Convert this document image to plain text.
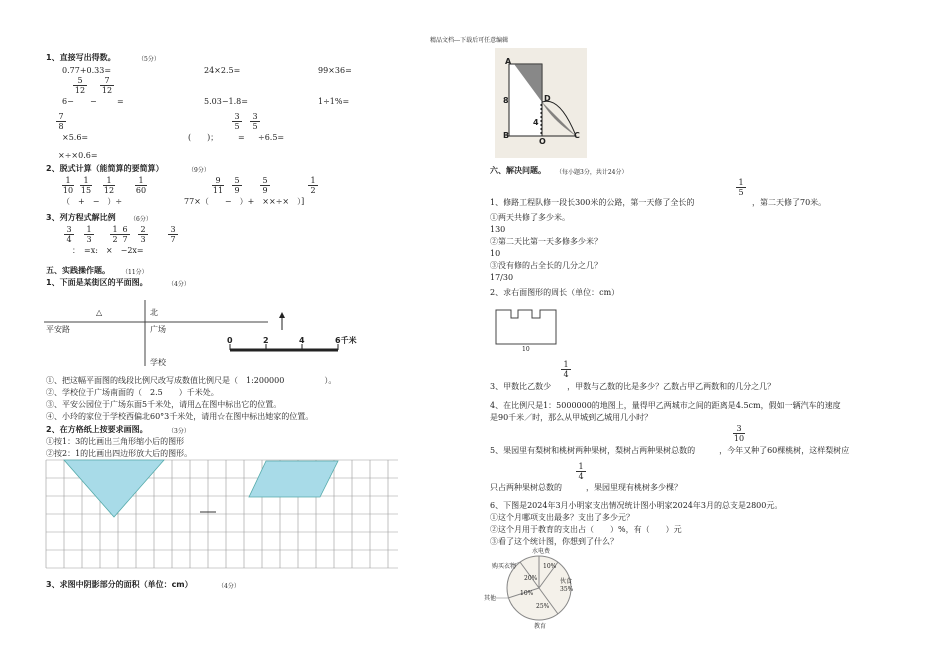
精品文档---下载后可任意编辑
1、直接写出得数。	（5分）
0.77+0.33=	24×2.5=	99×36=
$\frac{5}{12} \frac{7}{12}$
6− −	=	5.03−1.8=	1÷1%=
$\frac{7}{8}$
×5.6=	(　　)；
$\frac{3}{5}$
=
$\frac{3}{5}$
÷6.5=
×÷×0.6=
2、脱式计算（能简算的要简算）	（9分）
$\frac{1}{10} \frac{1}{15} \frac{1}{12}$	$\frac{1}{60}$
（　+　−　）÷
$\frac{9}{11} \frac{5}{9} \frac{5}{9}$	$\frac{1}{2}$
77×（　　−　）+　××÷×　）]
3、列方程式解比例 （6分）
$\frac{3}{4} \frac{1}{3} \frac{1}{2} \frac{6}{7} \frac{2}{3}$	$\frac{3}{7}$
：　=x:　×　−2x=
五、实践操作题。 （11分）
1、下面是某街区的平面图。	（4分）
△	北
平安路	广场
学校
0	2	4	6千米
①、把这幅平面图的线段比例尺改写成数值比例尺是（　1:200000　　　　　）。
②、学校位于广场南面的（　2.5　　）千米处。
③、平安公园位于广场东面5千米处，请用△在图中标出它的位置。
④、小玲的家位于学校西偏北60°3千米处，请用☆在图中标出她家的位置。
2、在方格纸上按要求画图。	（3分）
①按1：3的比画出三角形缩小后的图形
②按2：1的比画出四边形放大后的图形。
3、求图中阴影部分的面积（单位：cm）	（4分）
A
B	C
D
O
8
4
六、解决问题。 （每小题3分，共计24分）
$\frac{1}{5}$
1、修路工程队修一段长300米的公路，第一天修了全长的	，第二天修了70米。
①两天共修了多少米。
130
②第二天比第一天多修多少米？
10
③没有修的占全长的几分之几？
17/30
2、求右面图形的周长（单位：cm）
10
$\frac{1}{4}$
3、甲数比乙数少　　，甲数与乙数的比是多少？乙数占甲乙两数和的几分之几？
4、在比例尺是1：5000000的地图上，量得甲乙两城市之间的距离是4.5cm，假如一辆汽车的速度
是90千米／时，那么从甲城到乙城用几小时？
$\frac{3}{10}$
5、果园里有梨树和桃树两种果树，梨树占两种果树总数的　　　，今年又种了60棵桃树，这样梨树应
$\frac{1}{4}$
只占两种果树总数的　　　，果园里现有桃树多少棵？
6、下图是2024年3月小明家支出情况统计图小明家2024年3月的总支是2800元。
①这个月哪项支出最多？支出了多少元？
②这个月用于教育的支出占（　　）%，有（　　）元
③看了这个统计图，你想到了什么？
水电费
购买衣物
其他
教育
伙食
10%
20%
10%
25%
35%
